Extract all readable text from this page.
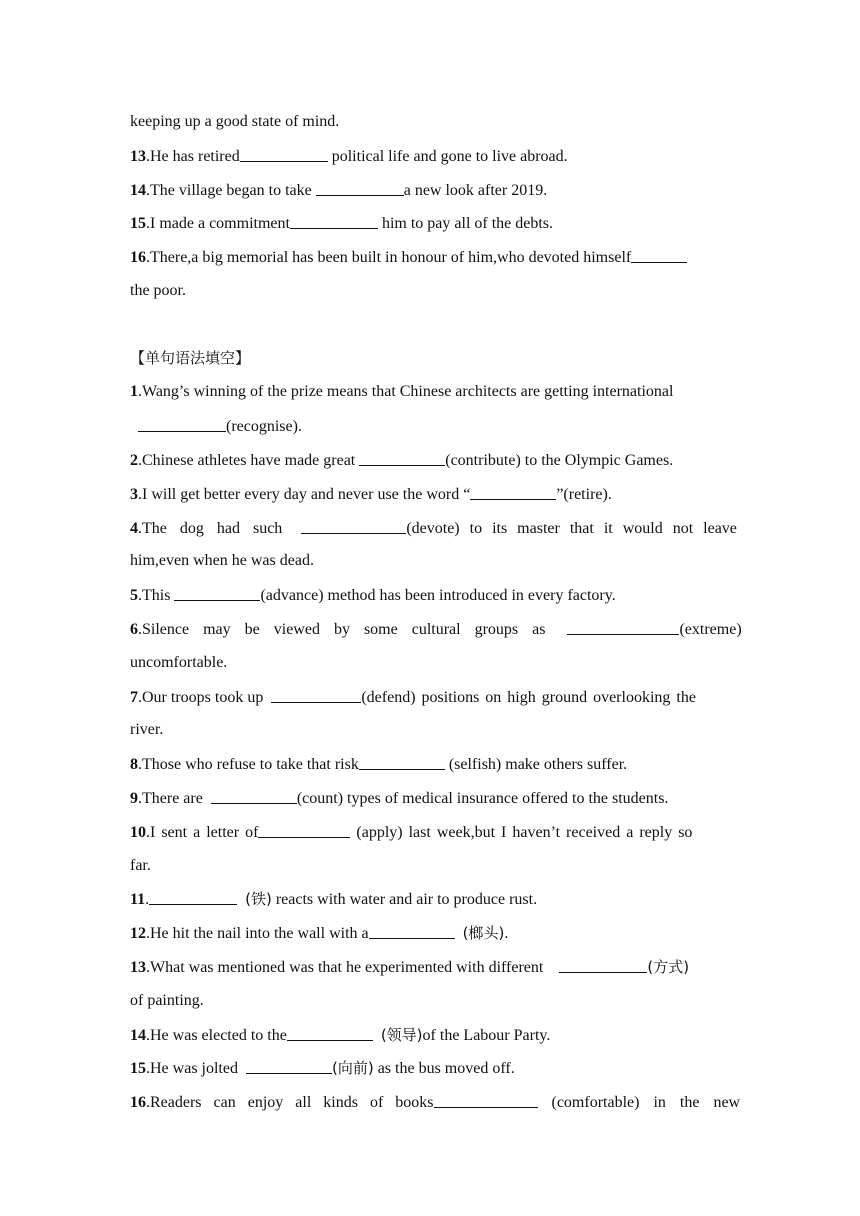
keeping up a good state of mind.
13.He has retired	political life and gone to live abroad.
14.The village began to take	a new look after 2019.
15.I made a commitment	him to pay all of the debts.
16.There,a big memorial has been built in honour of him,who devoted himself
the poor.
【单句语法填空】
1.Wang’s winning of the prize means that Chinese architects are getting international
(recognise).
2.Chinese athletes have made great	(contribute) to the Olympic Games.
3.I will get better every day and never use the word “	”(retire).
4.The dog had such	(devote) to its master that it would not leave
him,even when he was dead.
5.This	(advance) method has been introduced in every factory.
6.Silence may be viewed by some cultural groups as	(extreme)
uncomfortable.
7.Our troops took up	(defend) positions on high ground overlooking the
river.
8.Those who refuse to take that risk	(selfish) make others suffer.
9.There are	(count) types of medical insurance offered to the students.
10.I sent a letter of	(apply) last week,but I haven’t received a reply so
far.
11.	(铁) reacts with water and air to produce rust.
12.He hit the nail into the wall with a	(榔头).
13.What was mentioned was that he experimented with different	(方式)
of painting.
14.He was elected to the	(领导)of the Labour Party.
15.He was jolted	(向前) as the bus moved off.
16.Readers can enjoy all kinds of books	(comfortable) in the new
